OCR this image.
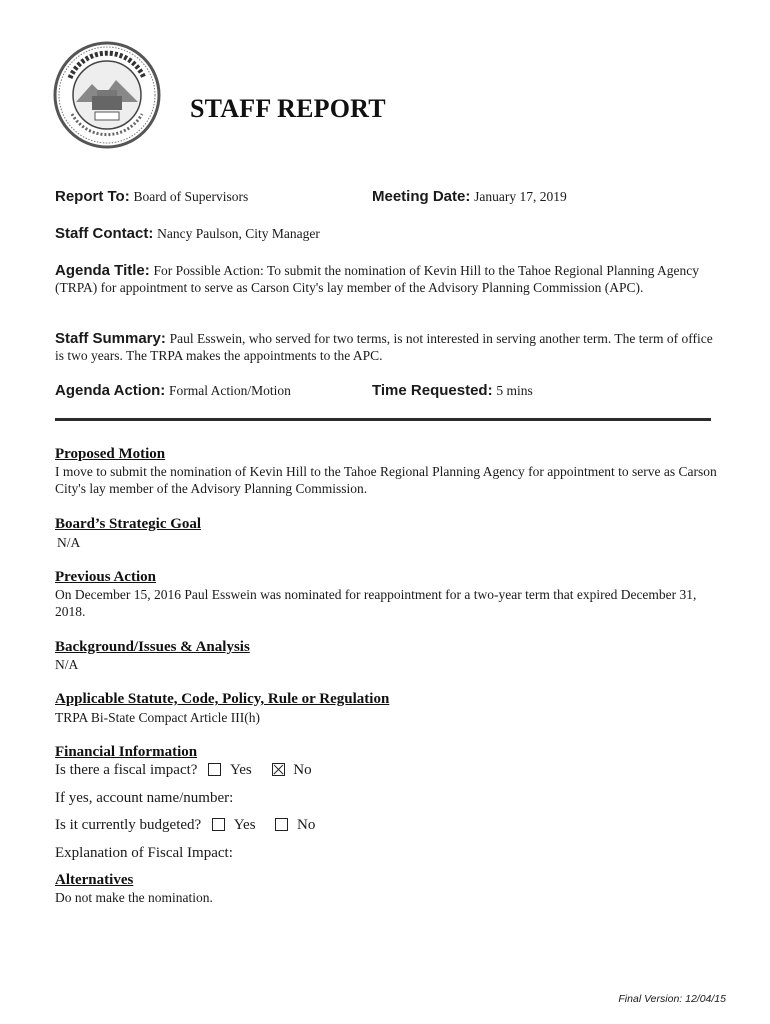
STAFF REPORT
Report To: Board of Supervisors	Meeting Date: January 17, 2019
Staff Contact: Nancy Paulson, City Manager
Agenda Title: For Possible Action: To submit the nomination of Kevin Hill to the Tahoe Regional Planning Agency (TRPA) for appointment to serve as Carson City's lay member of the Advisory Planning Commission (APC).
Staff Summary: Paul Esswein, who served for two terms, is not interested in serving another term. The term of office is two years. The TRPA makes the appointments to the APC.
Agenda Action: Formal Action/Motion	Time Requested: 5 mins
Proposed Motion
I move to submit the nomination of Kevin Hill to the Tahoe Regional Planning Agency for appointment to serve as Carson City's lay member of the Advisory Planning Commission.
Board’s Strategic Goal
N/A
Previous Action
On December 15, 2016 Paul Esswein was nominated for reappointment for a two-year term that expired December 31, 2018.
Background/Issues & Analysis
N/A
Applicable Statute, Code, Policy, Rule or Regulation
TRPA Bi-State Compact Article III(h)
Financial Information
Is there a fiscal impact? Yes	No
If yes, account name/number:
Is it currently budgeted? Yes	No
Explanation of Fiscal Impact:
Alternatives
Do not make the nomination.
Final Version: 12/04/15
